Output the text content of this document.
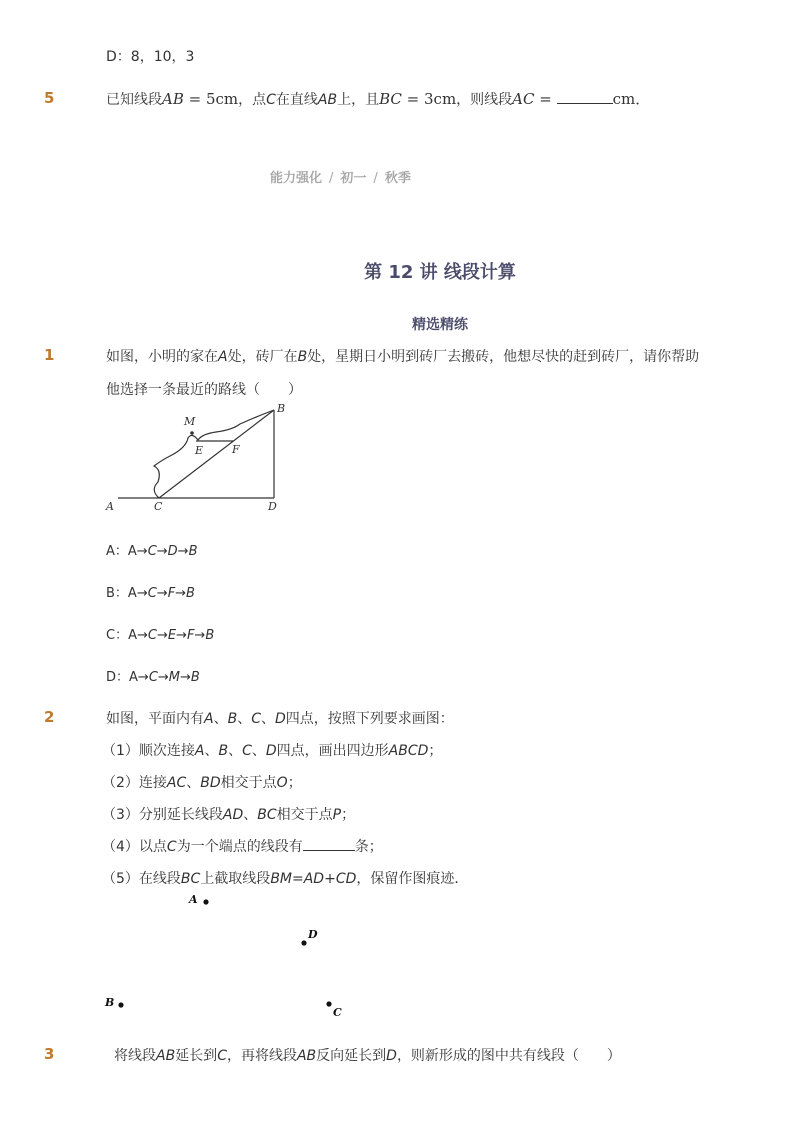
D：8，10，3
5	已知线段AB = 5cm，点C在直线AB上，且BC = 3cm，则线段AC =	cm．
能力强化 / 初一 / 秋季
第 12 讲 线段计算
精选精练
1	如图，小明的家在A处，砖厂在B处，星期日小明到砖厂去搬砖，他想尽快的赶到砖厂，请你帮助
他选择一条最近的路线（　　）
A	C	D
B
E	F
M
A：A→C→D→B
B：A→C→F→B
C：A→C→E→F→B
D：A→C→M→B
2	如图，平面内有A、B、C、D四点，按照下列要求画图：
（1）顺次连接A、B、C、D四点，画出四边形ABCD；
（2）连接AC、BD相交于点O；
（3）分别延长线段AD、BC相交于点P；
（4）以点C为一个端点的线段有	条；
（5）在线段BC上截取线段BM=AD+CD，保留作图痕迹．
A
D
B
C
3	将线段AB延长到C，再将线段AB反向延长到D，则新形成的图中共有线段（　　）
